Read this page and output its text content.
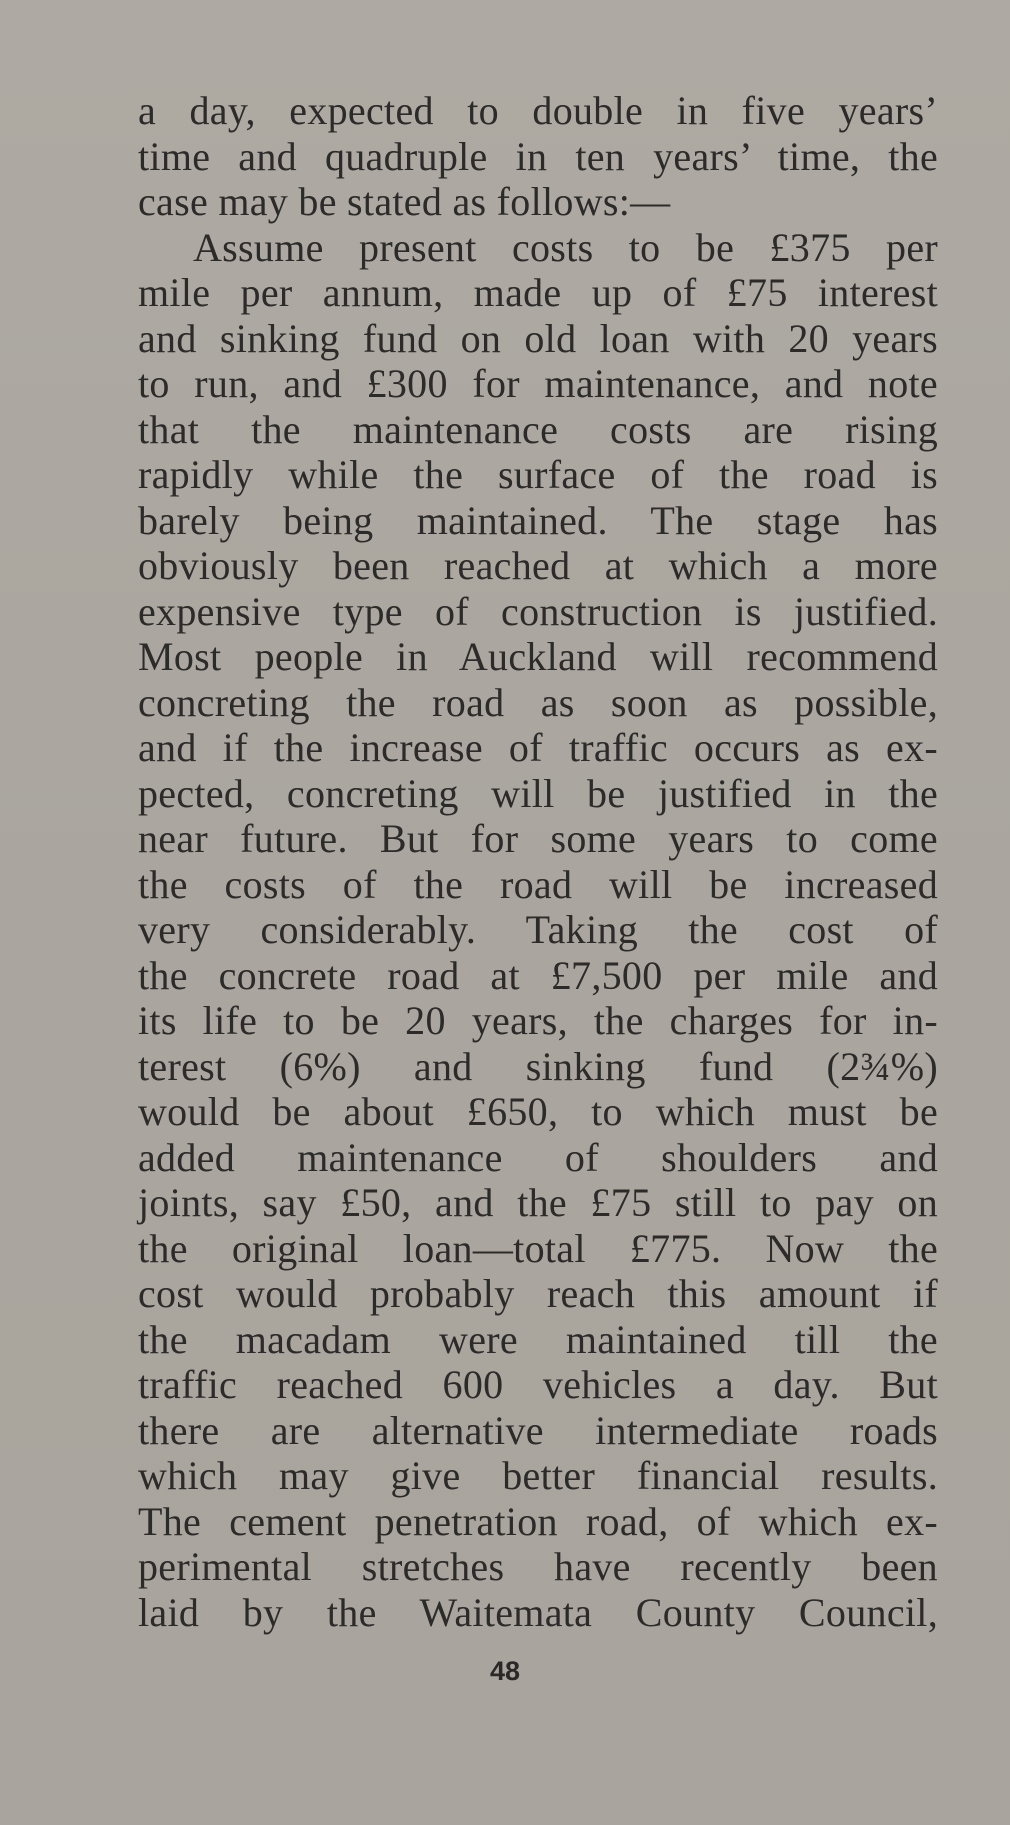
a day, expected to double in five years’
time and quadruple in ten years’ time, the
case may be stated as follows:—
Assume present costs to be £375 per
mile per annum, made up of £75 interest
and sinking fund on old loan with 20 years
to run, and £300 for maintenance, and note
that the maintenance costs are rising
rapidly while the surface of the road is
barely being maintained. The stage has
obviously been reached at which a more
expensive type of construction is justified.
Most people in Auckland will recommend
concreting the road as soon as possible,
and if the increase of traffic occurs as ex-
pected, concreting will be justified in the
near future. But for some years to come
the costs of the road will be increased
very considerably. Taking the cost of
the concrete road at £7,500 per mile and
its life to be 20 years, the charges for in-
terest (6%) and sinking fund (2¾%)
would be about £650, to which must be
added maintenance of shoulders and
joints, say £50, and the £75 still to pay on
the original loan—total £775. Now the
cost would probably reach this amount if
the macadam were maintained till the
traffic reached 600 vehicles a day. But
there are alternative intermediate roads
which may give better financial results.
The cement penetration road, of which ex-
perimental stretches have recently been
laid by the Waitemata County Council,
48
